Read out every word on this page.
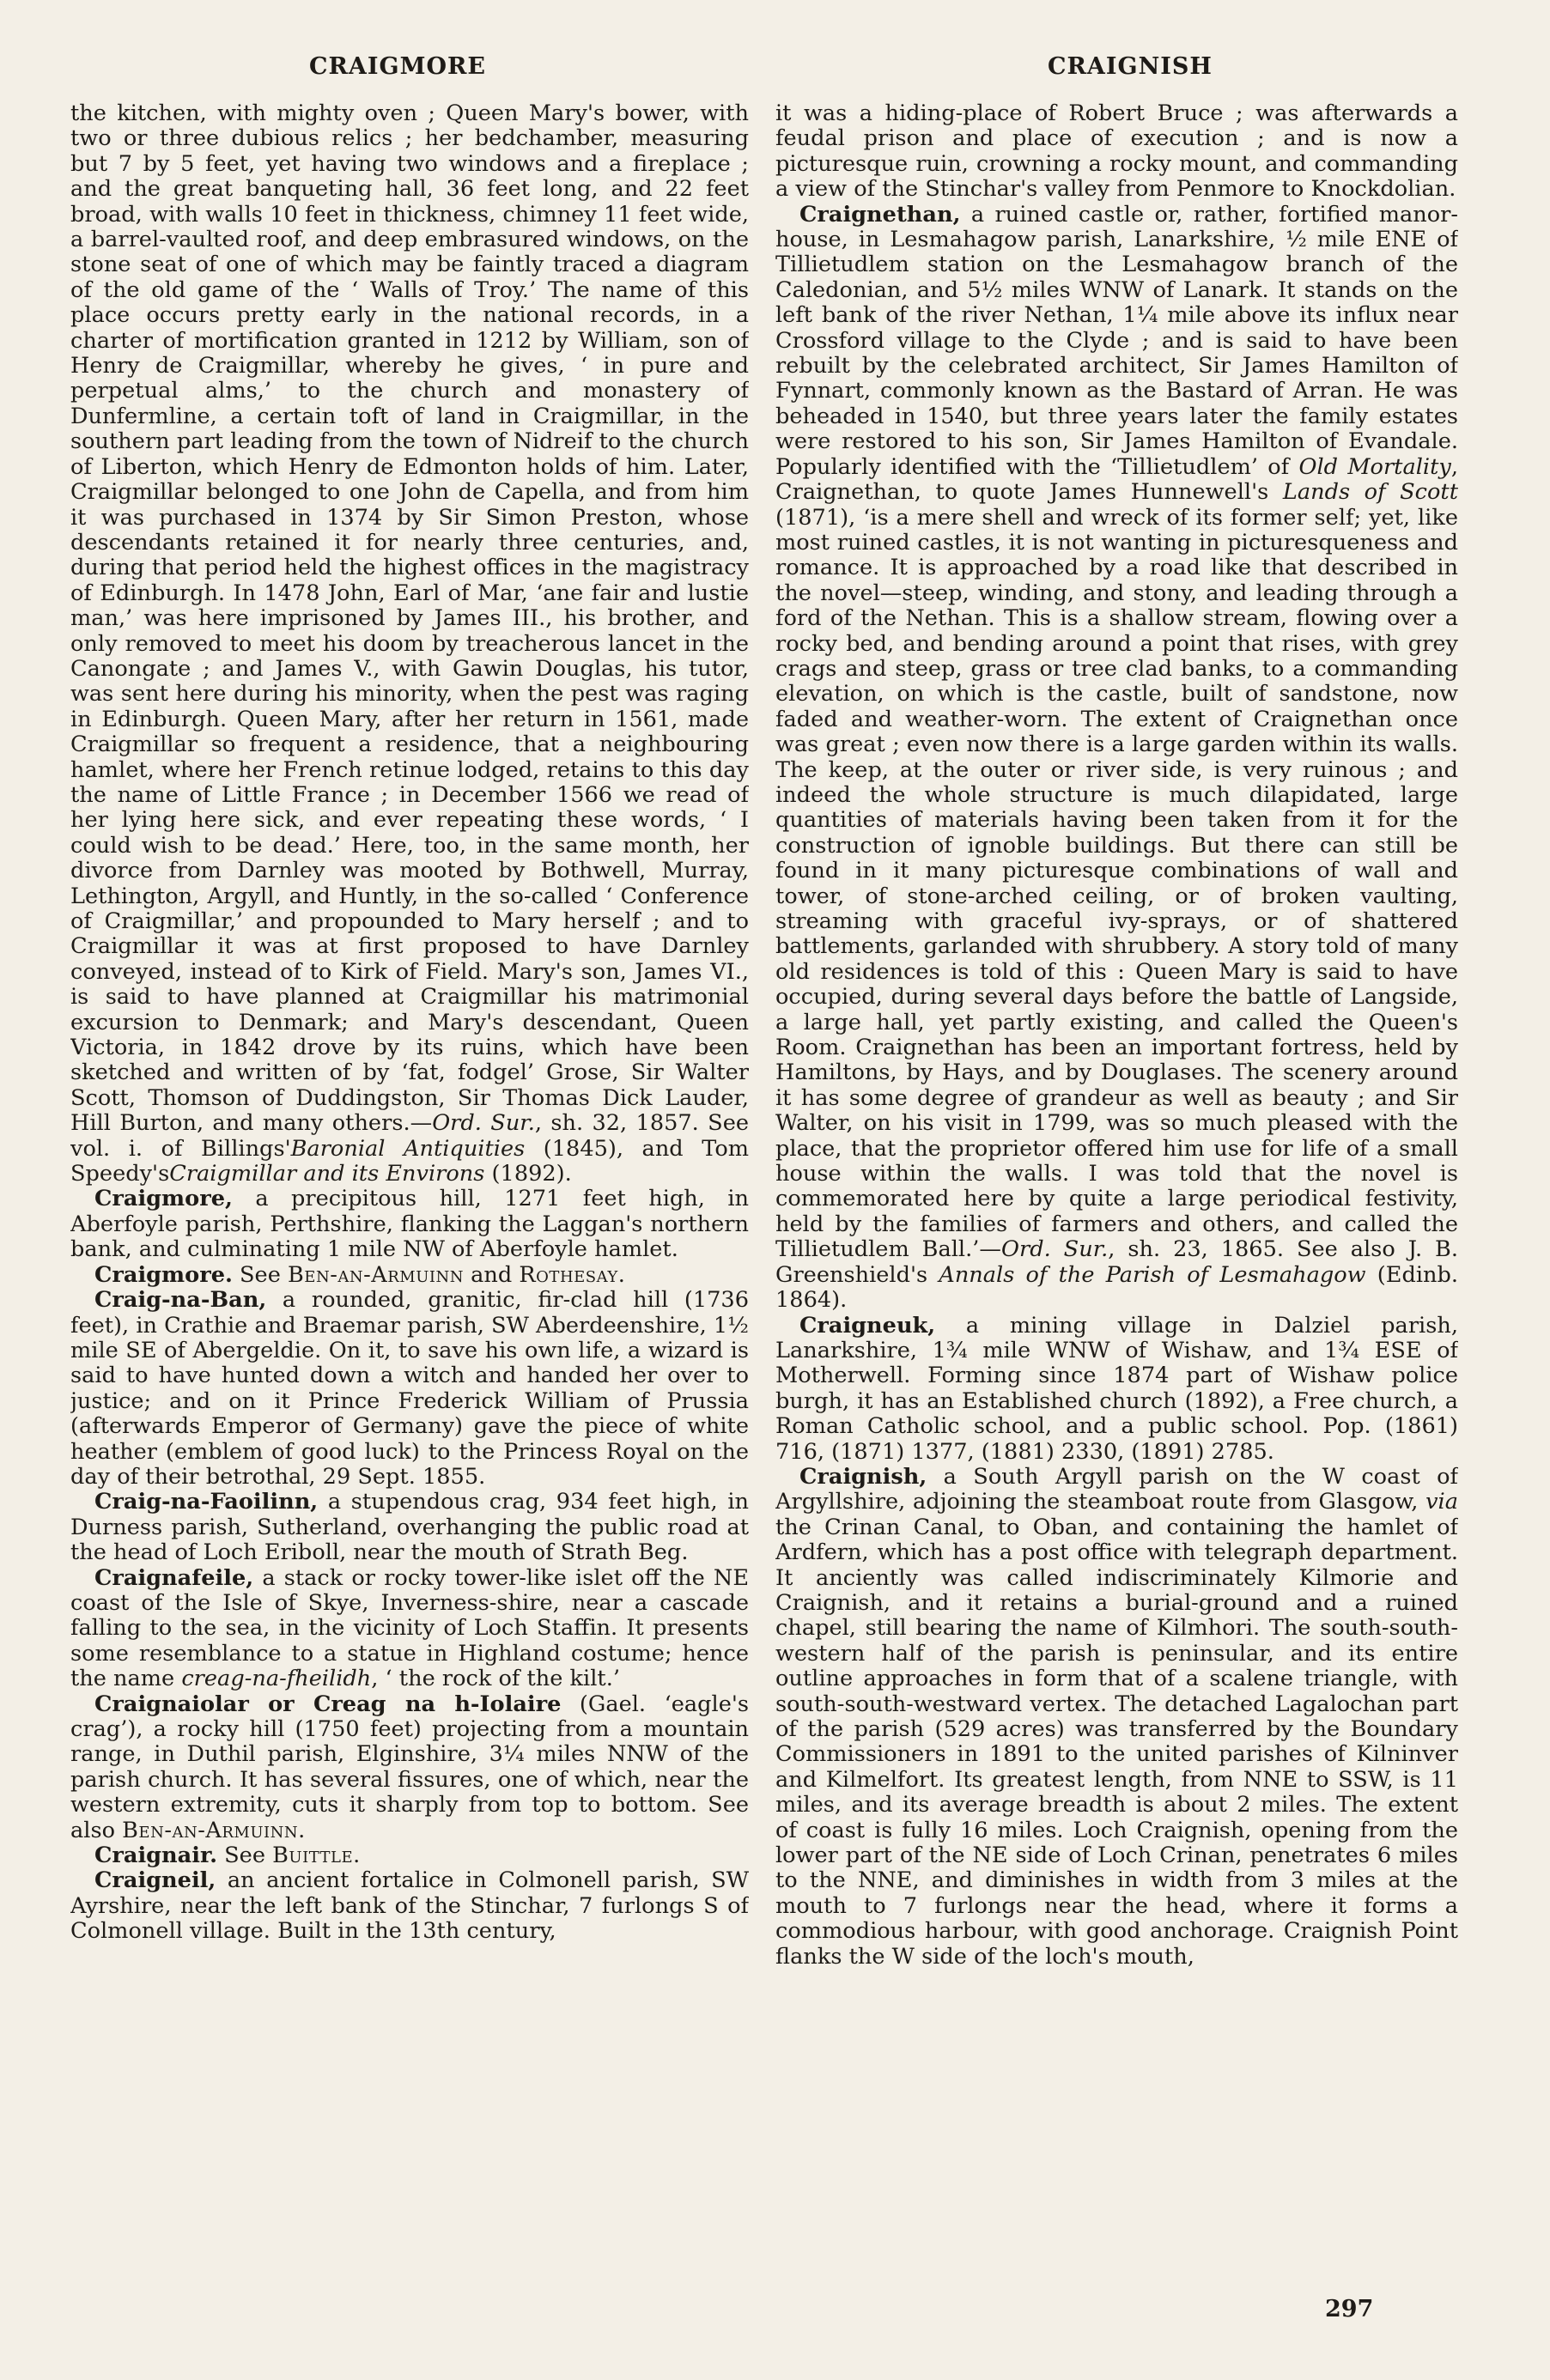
CRAIGMORE	CRAIGNISH

the kitchen, with mighty oven ; Queen Mary's bower, with two or three dubious relics ; her bedchamber, measuring but 7 by 5 feet, yet having two windows and a fireplace ; and the great banqueting hall, 36 feet long, and 22 feet broad, with walls 10 feet in thickness, chimney 11 feet wide, a barrel-vaulted roof, and deep embrasured windows, on the stone seat of one of which may be faintly traced a diagram of the old game of the ‘ Walls of Troy.’ The name of this place occurs pretty early in the national records, in a charter of mortification granted in 1212 by William, son of Henry de Craigmillar, whereby he gives, ‘ in pure and perpetual alms,’ to the church and monastery of Dunfermline, a certain toft of land in Craigmillar, in the southern part leading from the town of Nidreif to the church of Liberton, which Henry de Edmonton holds of him. Later, Craigmillar belonged to one John de Capella, and from him it was purchased in 1374 by Sir Simon Preston, whose descendants retained it for nearly three centuries, and, during that period held the highest offices in the magistracy of Edinburgh. In 1478 John, Earl of Mar, ‘ane fair and lustie man,’ was here imprisoned by James III., his brother, and only removed to meet his doom by treacherous lancet in the Canongate ; and James V., with Gawin Douglas, his tutor, was sent here during his minority, when the pest was raging in Edinburgh. Queen Mary, after her return in 1561, made Craigmillar so frequent a residence, that a neighbouring hamlet, where her French retinue lodged, retains to this day the name of Little France ; in December 1566 we read of her lying here sick, and ever repeating these words, ‘ I could wish to be dead.’ Here, too, in the same month, her divorce from Darnley was mooted by Bothwell, Murray, Lethington, Argyll, and Huntly, in the so-called ‘ Conference of Craigmillar,’ and propounded to Mary herself ; and to Craigmillar it was at first proposed to have Darnley conveyed, instead of to Kirk of Field. Mary's son, James VI., is said to have planned at Craigmillar his matrimonial excursion to Denmark; and Mary's descendant, Queen Victoria, in 1842 drove by its ruins, which have been sketched and written of by ‘fat, fodgel’ Grose, Sir Walter Scott, Thomson of Duddingston, Sir Thomas Dick Lauder, Hill Burton, and many others.—Ord. Sur., sh. 32, 1857. See vol. i. of Billings'Baronial Antiquities (1845), and Tom Speedy'sCraigmillar and its Environs (1892).

Craigmore, a precipitous hill, 1271 feet high, in Aberfoyle parish, Perthshire, flanking the Laggan's northern bank, and culminating 1 mile NW of Aberfoyle hamlet.

Craigmore. See Ben-an-Armuinn and Rothesay.

Craig-na-Ban, a rounded, granitic, fir-clad hill (1736 feet), in Crathie and Braemar parish, SW Aberdeenshire, 1½ mile SE of Abergeldie. On it, to save his own life, a wizard is said to have hunted down a witch and handed her over to justice; and on it Prince Frederick William of Prussia (afterwards Emperor of Germany) gave the piece of white heather (emblem of good luck) to the Princess Royal on the day of their betrothal, 29 Sept. 1855.

Craig-na-Faoilinn, a stupendous crag, 934 feet high, in Durness parish, Sutherland, overhanging the public road at the head of Loch Eriboll, near the mouth of Strath Beg.

Craignafeile, a stack or rocky tower-like islet off the NE coast of the Isle of Skye, Inverness-shire, near a cascade falling to the sea, in the vicinity of Loch Staffin. It presents some resemblance to a statue in Highland costume; hence the name creag-na-fheilidh, ‘ the rock of the kilt.’

Craignaiolar or Creag na h-Iolaire (Gael. ‘eagle's crag’), a rocky hill (1750 feet) projecting from a mountain range, in Duthil parish, Elginshire, 3¼ miles NNW of the parish church. It has several fissures, one of which, near the western extremity, cuts it sharply from top to bottom. See also Ben-an-Armuinn.

Craignair. See Buittle.

Craigneil, an ancient fortalice in Colmonell parish, SW Ayrshire, near the left bank of the Stinchar, 7 furlongs S of Colmonell village. Built in the 13th century,

it was a hiding-place of Robert Bruce ; was afterwards a feudal prison and place of execution ; and is now a picturesque ruin, crowning a rocky mount, and commanding a view of the Stinchar's valley from Penmore to Knockdolian.

Craignethan, a ruined castle or, rather, fortified manor-house, in Lesmahagow parish, Lanarkshire, ½ mile ENE of Tillietudlem station on the Lesmahagow branch of the Caledonian, and 5½ miles WNW of Lanark. It stands on the left bank of the river Nethan, 1¼ mile above its influx near Crossford village to the Clyde ; and is said to have been rebuilt by the celebrated architect, Sir James Hamilton of Fynnart, commonly known as the Bastard of Arran. He was beheaded in 1540, but three years later the family estates were restored to his son, Sir James Hamilton of Evandale. Popularly identified with the ‘Tillietudlem’ of Old Mortality, Craignethan, to quote James Hunnewell's Lands of Scott (1871), ‘is a mere shell and wreck of its former self; yet, like most ruined castles, it is not wanting in picturesqueness and romance. It is approached by a road like that described in the novel—steep, winding, and stony, and leading through a ford of the Nethan. This is a shallow stream, flowing over a rocky bed, and bending around a point that rises, with grey crags and steep, grass or tree clad banks, to a commanding elevation, on which is the castle, built of sandstone, now faded and weather-worn. The extent of Craignethan once was great ; even now there is a large garden within its walls. The keep, at the outer or river side, is very ruinous ; and indeed the whole structure is much dilapidated, large quantities of materials having been taken from it for the construction of ignoble buildings. But there can still be found in it many picturesque combinations of wall and tower, of stone-arched ceiling, or of broken vaulting, streaming with graceful ivy-sprays, or of shattered battlements, garlanded with shrubbery. A story told of many old residences is told of this : Queen Mary is said to have occupied, during several days before the battle of Langside, a large hall, yet partly existing, and called the Queen's Room. Craignethan has been an important fortress, held by Hamiltons, by Hays, and by Douglases. The scenery around it has some degree of grandeur as well as beauty ; and Sir Walter, on his visit in 1799, was so much pleased with the place, that the proprietor offered him use for life of a small house within the walls. I was told that the novel is commemorated here by quite a large periodical festivity, held by the families of farmers and others, and called the Tillietudlem Ball.’—Ord. Sur., sh. 23, 1865. See also J. B. Greenshield's Annals of the Parish of Lesmahagow (Edinb. 1864).

Craigneuk, a mining village in Dalziel parish, Lanarkshire, 1¾ mile WNW of Wishaw, and 1¾ ESE of Motherwell. Forming since 1874 part of Wishaw police burgh, it has an Established church (1892), a Free church, a Roman Catholic school, and a public school. Pop. (1861) 716, (1871) 1377, (1881) 2330, (1891) 2785.

Craignish, a South Argyll parish on the W coast of Argyllshire, adjoining the steamboat route from Glasgow, via the Crinan Canal, to Oban, and containing the hamlet of Ardfern, which has a post office with telegraph department. It anciently was called indiscriminately Kilmorie and Craignish, and it retains a burial-ground and a ruined chapel, still bearing the name of Kilmhori. The south-south-western half of the parish is peninsular, and its entire outline approaches in form that of a scalene triangle, with south-south-westward vertex. The detached Lagalochan part of the parish (529 acres) was transferred by the Boundary Commissioners in 1891 to the united parishes of Kilninver and Kilmelfort. Its greatest length, from NNE to SSW, is 11 miles, and its average breadth is about 2 miles. The extent of coast is fully 16 miles. Loch Craignish, opening from the lower part of the NE side of Loch Crinan, penetrates 6 miles to the NNE, and diminishes in width from 3 miles at the mouth to 7 furlongs near the head, where it forms a commodious harbour, with good anchorage. Craignish Point flanks the W side of the loch's mouth,

297
